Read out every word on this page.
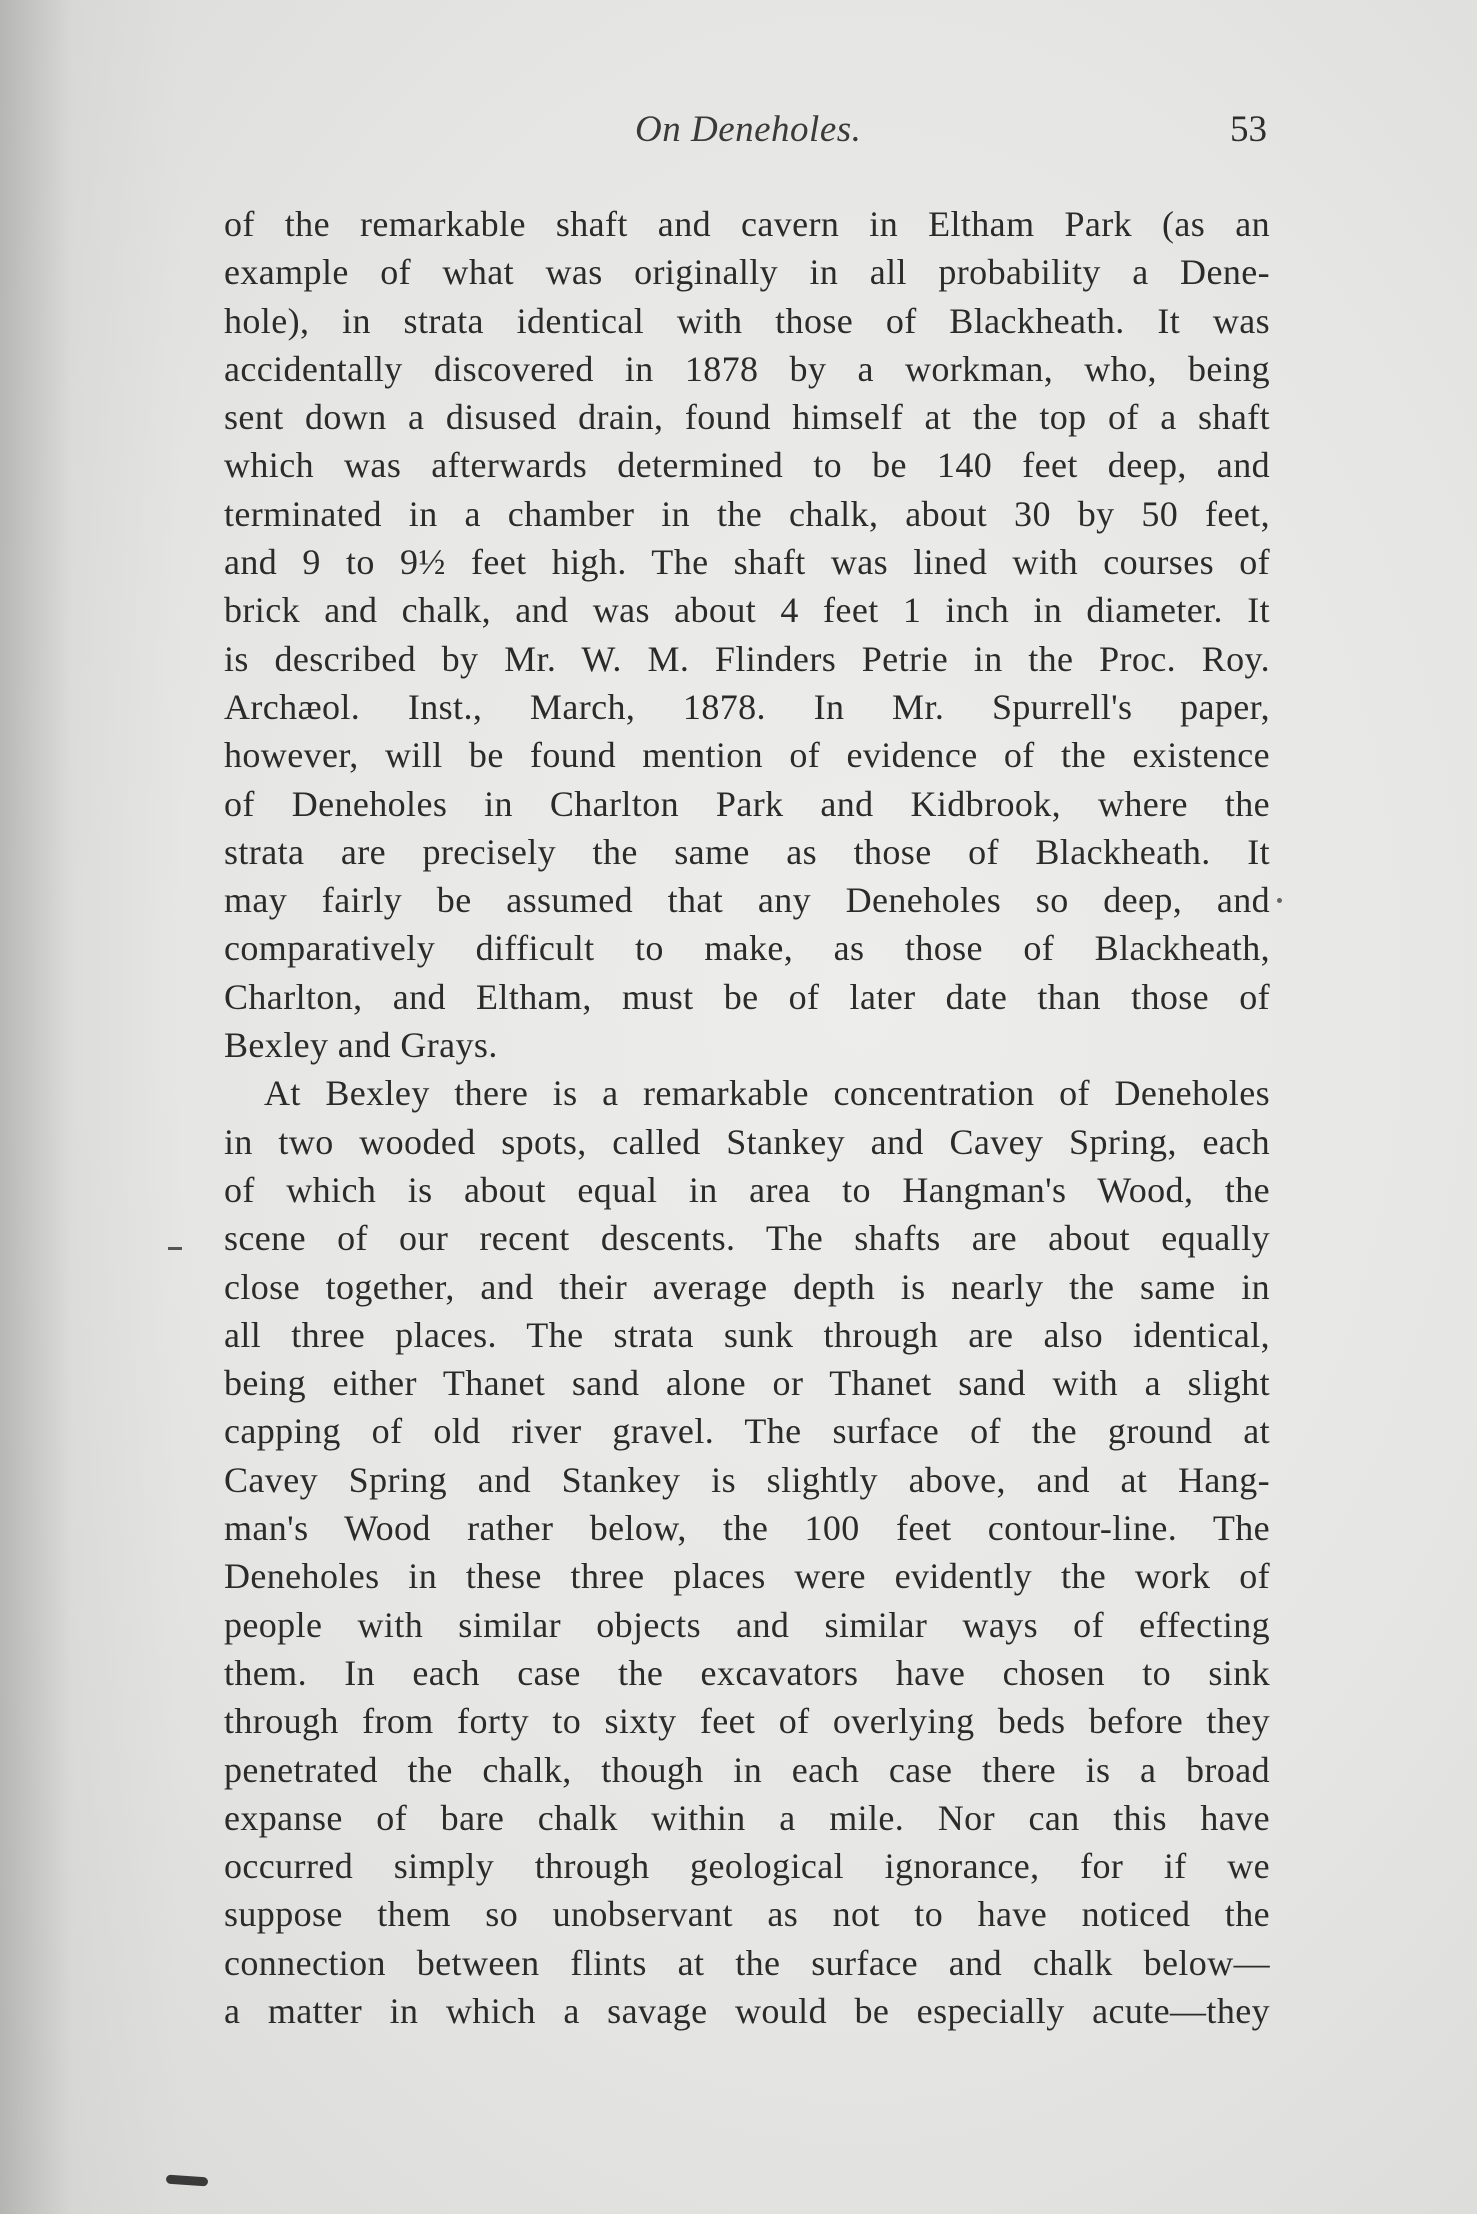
On Deneholes.	53
of the remarkable shaft and cavern in Eltham Park (as an
example of what was originally in all probability a Dene-
hole), in strata identical with those of Blackheath. It was
accidentally discovered in 1878 by a workman, who, being
sent down a disused drain, found himself at the top of a shaft
which was afterwards determined to be 140 feet deep, and
terminated in a chamber in the chalk, about 30 by 50 feet,
and 9 to 9½ feet high. The shaft was lined with courses of
brick and chalk, and was about 4 feet 1 inch in diameter. It
is described by Mr. W. M. Flinders Petrie in the Proc. Roy.
Archæol. Inst., March, 1878. In Mr. Spurrell's paper,
however, will be found mention of evidence of the existence
of Deneholes in Charlton Park and Kidbrook, where the
strata are precisely the same as those of Blackheath. It
may fairly be assumed that any Deneholes so deep, and
comparatively difficult to make, as those of Blackheath,
Charlton, and Eltham, must be of later date than those of
Bexley and Grays.
At Bexley there is a remarkable concentration of Deneholes
in two wooded spots, called Stankey and Cavey Spring, each
of which is about equal in area to Hangman's Wood, the
scene of our recent descents. The shafts are about equally
close together, and their average depth is nearly the same in
all three places. The strata sunk through are also identical,
being either Thanet sand alone or Thanet sand with a slight
capping of old river gravel. The surface of the ground at
Cavey Spring and Stankey is slightly above, and at Hang-
man's Wood rather below, the 100 feet contour-line. The
Deneholes in these three places were evidently the work of
people with similar objects and similar ways of effecting
them. In each case the excavators have chosen to sink
through from forty to sixty feet of overlying beds before they
penetrated the chalk, though in each case there is a broad
expanse of bare chalk within a mile. Nor can this have
occurred simply through geological ignorance, for if we
suppose them so unobservant as not to have noticed the
connection between flints at the surface and chalk below—
a matter in which a savage would be especially acute—they
